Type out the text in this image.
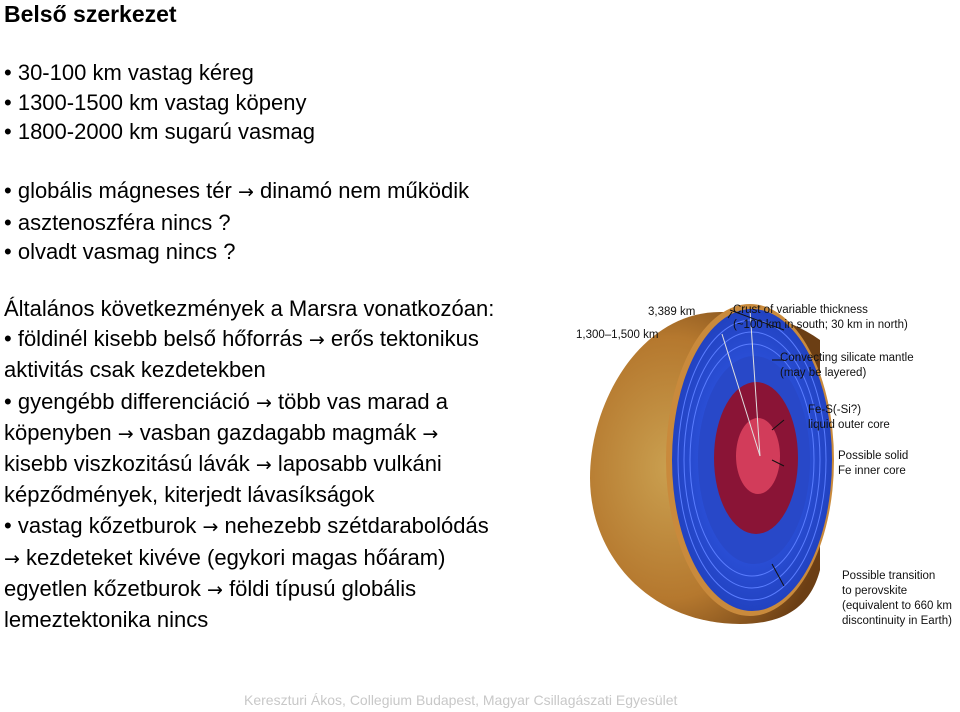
Belső szerkezet
• 30-100 km vastag kéreg
• 1300-1500 km vastag köpeny
• 1800-2000 km sugarú vasmag
• globális mágneses tér → dinamó nem működik
• asztenoszféra nincs ?
• olvadt vasmag nincs ?
Általános következmények a Marsra vonatkozóan:
• földinél kisebb belső hőforrás → erős tektonikus
aktivitás csak kezdetekben
• gyengébb differenciáció → több vas marad a
köpenyben → vasban gazdagabb magmák →
kisebb viszkozitású lávák → laposabb vulkáni
képződmények, kiterjedt lávasíkságok
• vastag kőzetburok → nehezebb szétdarabolódás
→ kezdeteket kivéve (egykori magas hőáram)
egyetlen kőzetburok → földi típusú globális
lemeztektonika nincs
3,389 km
1,300–1,500 km
Crust of variable thickness
(~100 km in south; 30 km in north)
Convecting silicate mantle
(may be layered)
Fe-S(-Si?)
liquid outer core
Possible solid
Fe inner core
Possible transition
to perovskite
(equivalent to 660 km
discontinuity in Earth)
Kereszturi Ákos, Collegium Budapest, Magyar Csillagászati Egyesület
